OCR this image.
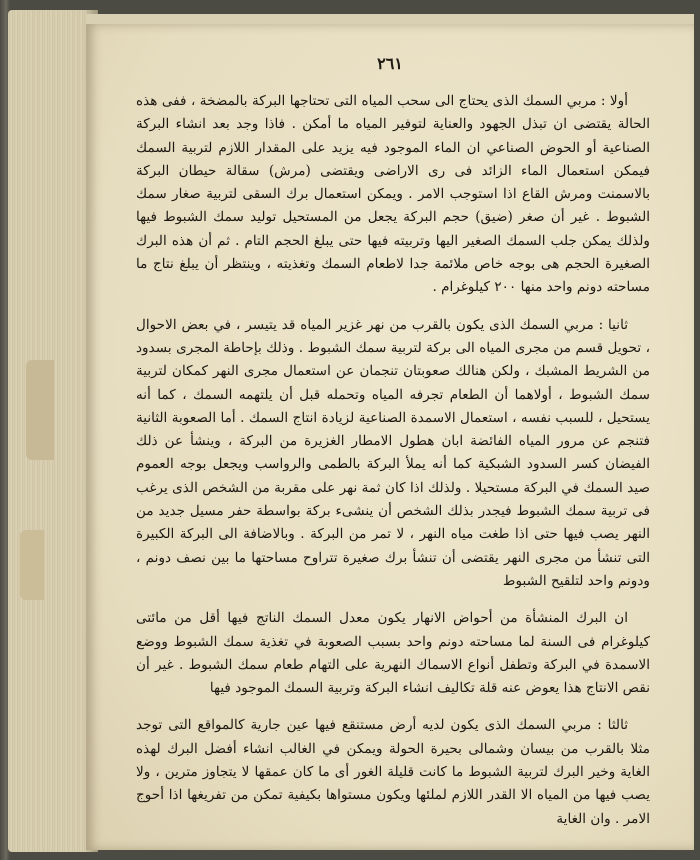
٢٦١

أولا : مربي السمك الذى يحتاج الى سحب المياه التى تحتاجها البركة بالمضخة ، ففى هذه الحالة يقتضى ان تبذل الجهود والعناية لتوفير المياه ما أمكن . فاذا وجد بعد انشاء البركة الصناعية أو الحوض الصناعي ان الماء الموجود فيه يزيد على المقدار اللازم لتربية السمك فيمكن استعمال الماء الزائد فى رى الاراضى ويقتضى (مرش) سقالة حيطان البركة بالاسمنت ومرش القاع اذا استوجب الامر . ويمكن استعمال برك السقى لتربية صغار سمك الشبوط . غير أن صغر (ضيق) حجم البركة يجعل من المستحيل توليد سمك الشبوط فيها ولذلك يمكن جلب السمك الصغير اليها وتربيته فيها حتى يبلغ الحجم التام . ثم أن هذه البرك الصغيرة الحجم هى بوجه خاص ملائمة جدا لاطعام السمك وتغذيته ، وينتظر أن يبلغ نتاج ما مساحته دونم واحد منها ٢٠٠ كيلوغرام .

ثانيا : مربي السمك الذى يكون بالقرب من نهر غزير المياه قد يتيسر ، في بعض الاحوال ، تحويل قسم من مجرى المياه الى بركة لتربية سمك الشبوط . وذلك بإحاطة المجرى بسدود من الشريط المشبك ، ولكن هنالك صعوبتان تنجمان عن استعمال مجرى النهر كمكان لتربية سمك الشبوط ، أولاهما أن الطعام تجرفه المياه وتحمله قبل أن يلتهمه السمك ، كما أنه يستحيل ، للسبب نفسه ، استعمال الاسمدة الصناعية لزيادة انتاج السمك . أما الصعوبة الثانية فتنجم عن مرور المياه الفائضة ابان هطول الامطار الغزيرة من البركة ، وينشأ عن ذلك الفيضان كسر السدود الشبكية كما أنه يملأ البركة بالطمى والرواسب ويجعل بوجه العموم صيد السمك في البركة مستحيلا . ولذلك اذا كان ثمة نهر على مقربة من الشخص الذى يرغب فى تربية سمك الشبوط فيجدر بذلك الشخص أن ينشىء بركة بواسطة حفر مسيل جديد من النهر يصب فيها حتى اذا طغت مياه النهر ، لا تمر من البركة . وبالاضافة الى البركة الكبيرة التى تنشأ من مجرى النهر يقتضى أن تنشأ برك صغيرة تتراوح مساحتها ما بين نصف دونم ، ودونم واحد لتلقيح الشبوط

ان البرك المنشأة من أحواض الانهار يكون معدل السمك الناتج فيها أقل من مائتى كيلوغرام فى السنة لما مساحته دونم واحد بسبب الصعوبة في تغذية سمك الشبوط ووضع الاسمدة في البركة وتطفل أنواع الاسماك النهرية على التهام طعام سمك الشبوط . غير أن نقص الانتاج هذا يعوض عنه قلة تكاليف انشاء البركة وتربية السمك الموجود فيها

ثالثا : مربي السمك الذى يكون لديه أرض مستنقع فيها عين جارية كالمواقع التى توجد مثلا بالقرب من بيسان وشمالى بحيرة الحولة ويمكن في الغالب انشاء أفضل البرك لهذه الغاية وخير البرك لتربية الشبوط ما كانت قليلة الغور أى ما كان عمقها لا يتجاوز مترين ، ولا يصب فيها من المياه الا القدر اللازم لملئها ويكون مستواها بكيفية تمكن من تفريغها اذا أحوج الامر . وان الغاية
